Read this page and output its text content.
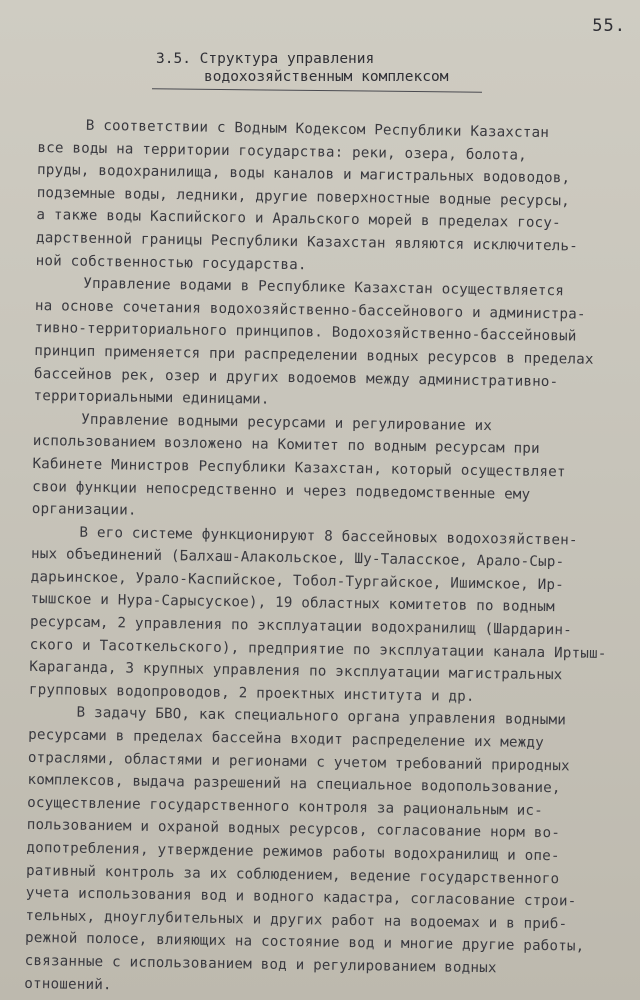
55.
3.5. Структура управления
водохозяйственным комплексом
В соответствии с Водным Кодексом Республики Казахстан
все воды на территории государства: реки, озера, болота,
пруды, водохранилища, воды каналов и магистральных водоводов,
подземные воды, ледники, другие поверхностные водные ресурсы,
а также воды Каспийского и Аральского морей в пределах госу-
дарственной границы Республики Казахстан являются исключитель-
ной собственностью государства.
Управление водами в Республике Казахстан осуществляется
на основе сочетания водохозяйственно-бассейнового и администра-
тивно-территориального принципов. Водохозяйственно-бассейновый
принцип применяется при распределении водных ресурсов в пределах
бассейнов рек, озер и других водоемов между административно-
территориальными единицами.
Управление водными ресурсами и регулирование их
использованием возложено на Комитет по водным ресурсам при
Кабинете Министров Республики Казахстан, который осуществляет
свои функции непосредственно и через подведомственные ему
организации.
В его системе функционируют 8 бассейновых водохозяйствен-
ных объединений (Балхаш-Алакольское, Шу-Таласское, Арало-Сыр-
дарьинское, Урало-Каспийское, Тобол-Тургайское, Ишимское, Ир-
тышское и Нура-Сарысуское), 19 областных комитетов по водным
ресурсам, 2 управления по эксплуатации водохранилищ (Шардарин-
ского и Тасоткельского), предприятие по эксплуатации канала Иртыш-
Караганда, 3 крупных управления по эксплуатации магистральных
групповых водопроводов, 2 проектных института и др.
В задачу БВО, как специального органа управления водными
ресурсами в пределах бассейна входит распределение их между
отраслями, областями и регионами с учетом требований природных
комплексов, выдача разрешений на специальное водопользование,
осуществление государственного контроля за рациональным ис-
пользованием и охраной водных ресурсов, согласование норм во-
допотребления, утверждение режимов работы водохранилищ и опе-
ративный контроль за их соблюдением, ведение государственного
учета использования вод и водного кадастра, согласование строи-
тельных, дноуглубительных и других работ на водоемах и в приб-
режной полосе, влияющих на состояние вод и многие другие работы,
связанные с использованием вод и регулированием водных
отношений.
